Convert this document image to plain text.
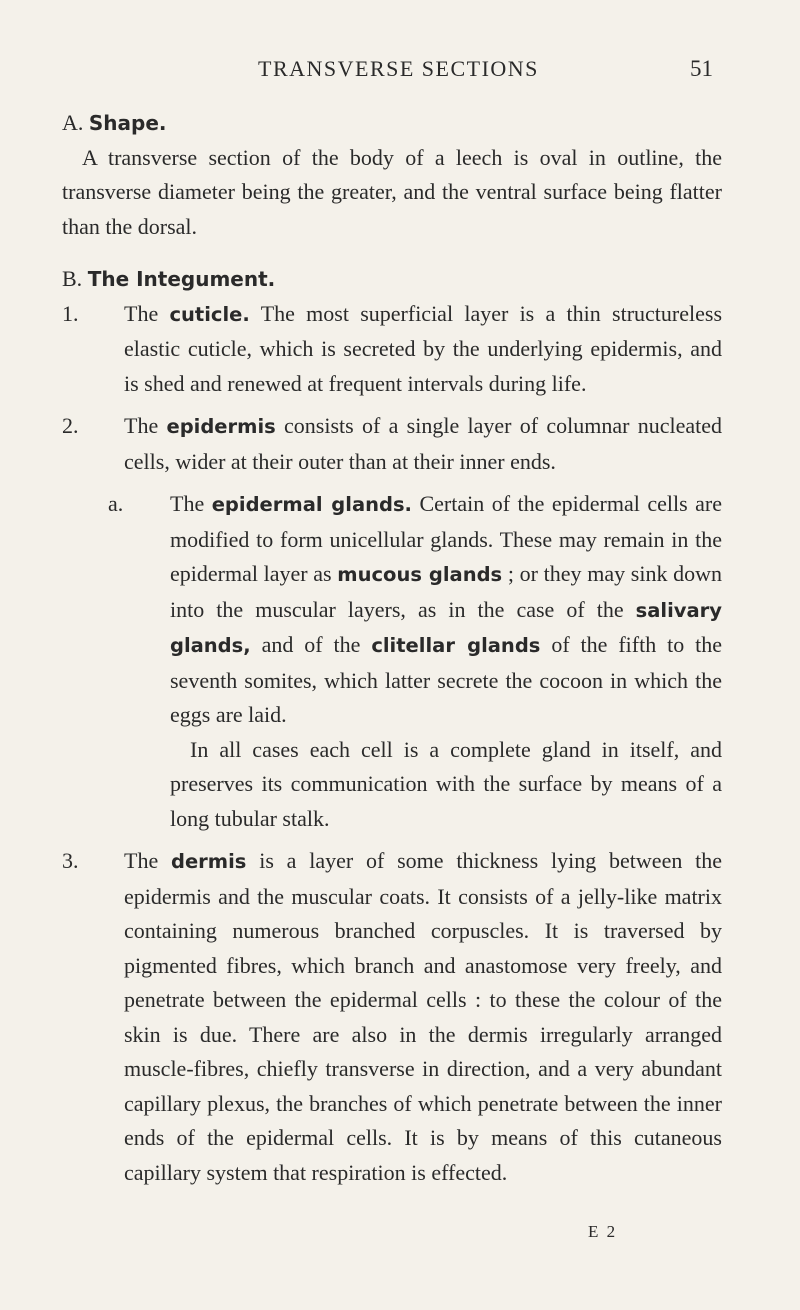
TRANSVERSE SECTIONS	51
A. Shape.

A transverse section of the body of a leech is oval in outline, the transverse diameter being the greater, and the ventral surface being flatter than the dorsal.

B. The Integument.
1. The cuticle. The most superficial layer is a thin structureless elastic cuticle, which is secreted by the underlying epidermis, and is shed and renewed at frequent intervals during life.
2. The epidermis consists of a single layer of columnar nucleated cells, wider at their outer than at their inner ends.
a. The epidermal glands. Certain of the epidermal cells are modified to form unicellular glands. These may remain in the epidermal layer as mucous glands ; or they may sink down into the muscular layers, as in the case of the salivary glands, and of the clitellar glands of the fifth to the seventh somites, which latter secrete the cocoon in which the eggs are laid.

In all cases each cell is a complete gland in itself, and preserves its communication with the surface by means of a long tubular stalk.

3. The dermis is a layer of some thickness lying between the epidermis and the muscular coats. It consists of a jelly-like matrix containing numerous branched corpuscles. It is traversed by pigmented fibres, which branch and anastomose very freely, and penetrate between the epidermal cells : to these the colour of the skin is due. There are also in the dermis irregularly arranged muscle-fibres, chiefly transverse in direction, and a very abundant capillary plexus, the branches of which penetrate between the inner ends of the epidermal cells. It is by means of this cutaneous capillary system that respiration is effected.
E 2
